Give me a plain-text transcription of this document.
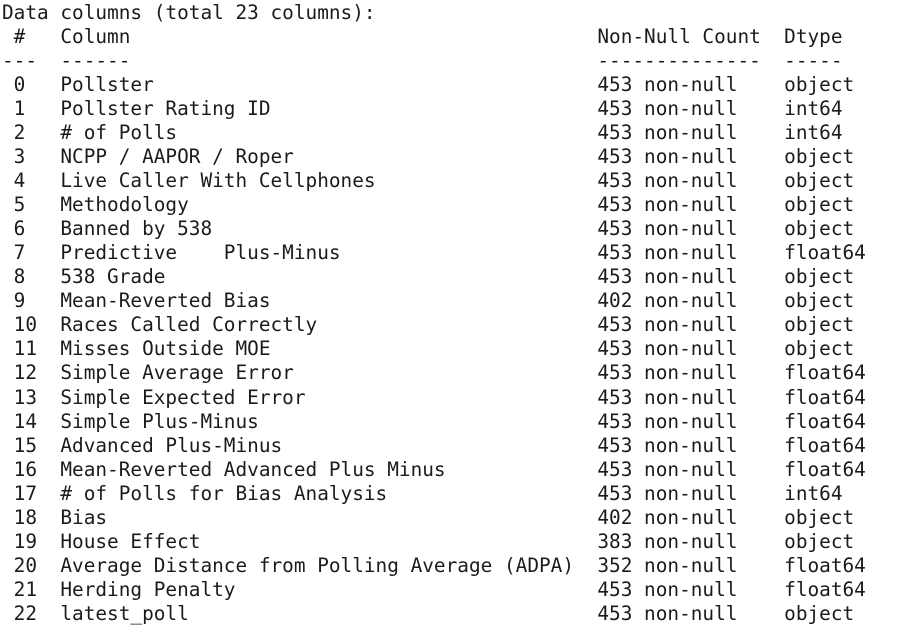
Data columns (total 23 columns):
#	Column	Non-Null Count	Dtype
---	------	--------------	-----
0	Pollster	453 non-null	object
1	Pollster Rating ID	453 non-null	int64
2	# of Polls	453 non-null	int64
3	NCPP / AAPOR / Roper	453 non-null	object
4	Live Caller With Cellphones	453 non-null	object
5	Methodology	453 non-null	object
6	Banned by 538	453 non-null	object
7	Predictive    Plus-Minus	453 non-null	float64
8	538 Grade	453 non-null	object
9	Mean-Reverted Bias	402 non-null	object
10	Races Called Correctly	453 non-null	object
11	Misses Outside MOE	453 non-null	object
12	Simple Average Error	453 non-null	float64
13	Simple Expected Error	453 non-null	float64
14	Simple Plus-Minus	453 non-null	float64
15	Advanced Plus-Minus	453 non-null	float64
16	Mean-Reverted Advanced Plus Minus	453 non-null	float64
17	# of Polls for Bias Analysis	453 non-null	int64
18	Bias	402 non-null	object
19	House Effect	383 non-null	object
20	Average Distance from Polling Average (ADPA)	352 non-null	float64
21	Herding Penalty	453 non-null	float64
22	latest_poll	453 non-null	object
